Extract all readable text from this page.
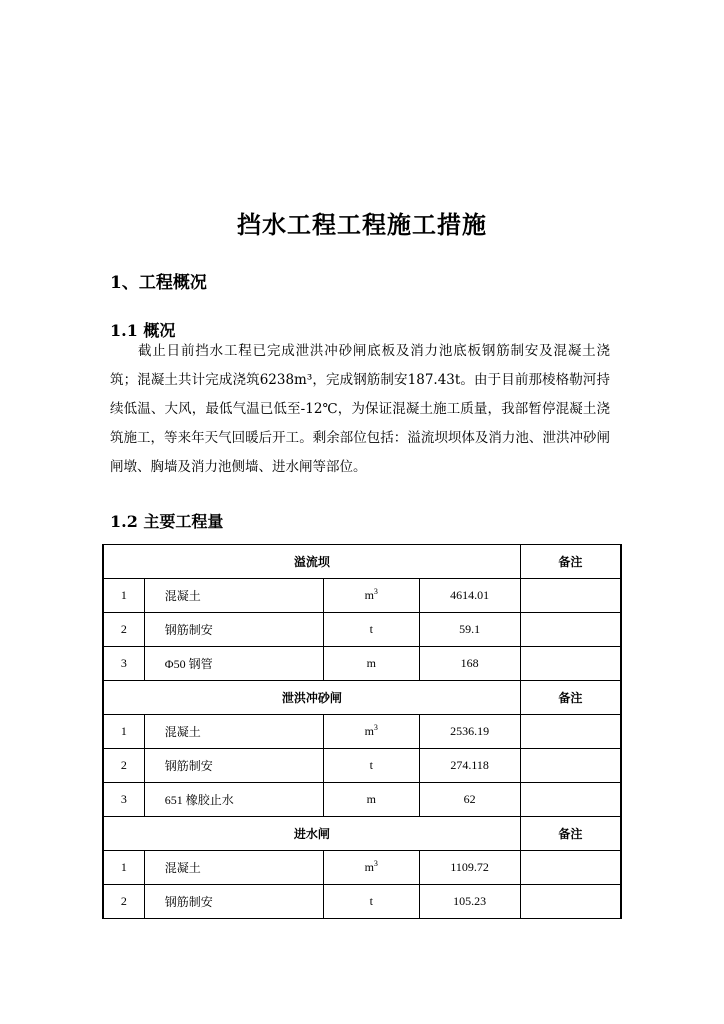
挡水工程工程施工措施
1、工程概况
1.1 概况

截止日前挡水工程已完成泄洪冲砂闸底板及消力池底板钢筋制安及混凝土浇筑；混凝土共计完成浇筑6238m³，完成钢筋制安187.43t。由于目前那棱格勒河持续低温、大风，最低气温已低至-12℃，为保证混凝土施工质量，我部暂停混凝土浇筑施工，等来年天气回暖后开工。剩余部位包括：溢流坝坝体及消力池、泄洪冲砂闸闸墩、胸墙及消力池侧墙、进水闸等部位。

1.2 主要工程量
溢流坝				备注
1	混凝土	$m^3$	4614.01	
2	钢筋制安	t	59.1	
3	Φ50 钢管	m	168	
泄洪冲砂闸				备注
1	混凝土	$m^3$	2536.19	
2	钢筋制安	t	274.118	
3	651 橡胶止水	m	62	
进水闸				备注
1	混凝土	$m^3$	1109.72	
2	钢筋制安	t	105.23	
